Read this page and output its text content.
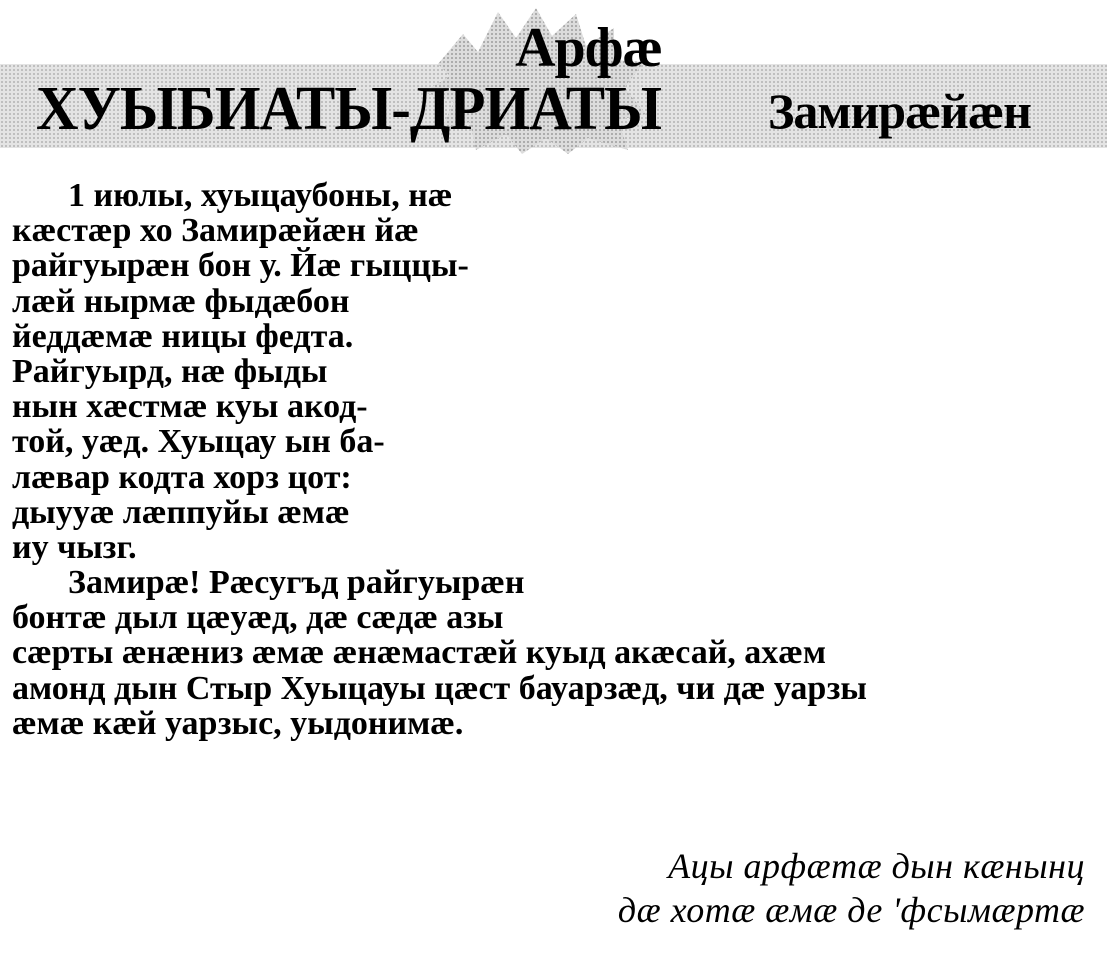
Арфæ
ХУЫБИАТЫ-ДРИАТЫ Замирæйæн
1 июлы, хуыцаубоны, нæ
кæстæр хо Замирæйæн йæ
райгуырæн бон у. Йæ гыццы-
лæй нырмæ фыдæбон
йеддæмæ ницы федта.
Райгуырд, нæ фыды
нын хæстмæ куы акод-
той, уæд. Хуыцау ын ба-
лæвар кодта хорз цот:
дыууæ лæппуйы æмæ
иу чызг.
Замирæ! Рæсугъд райгуырæн
бонтæ дыл цæуæд, дæ сæдæ азы
сæрты æнæниз æмæ æнæмастæй куыд акæсай, ахæм
амонд дын Стыр Хуыцауы цæст бауарзæд, чи дæ уарзы
æмæ кæй уарзыс, уыдонимæ.
Ацы арфæтæ дын кæнынц
дæ хотæ æмæ де 'фсымæртæ
